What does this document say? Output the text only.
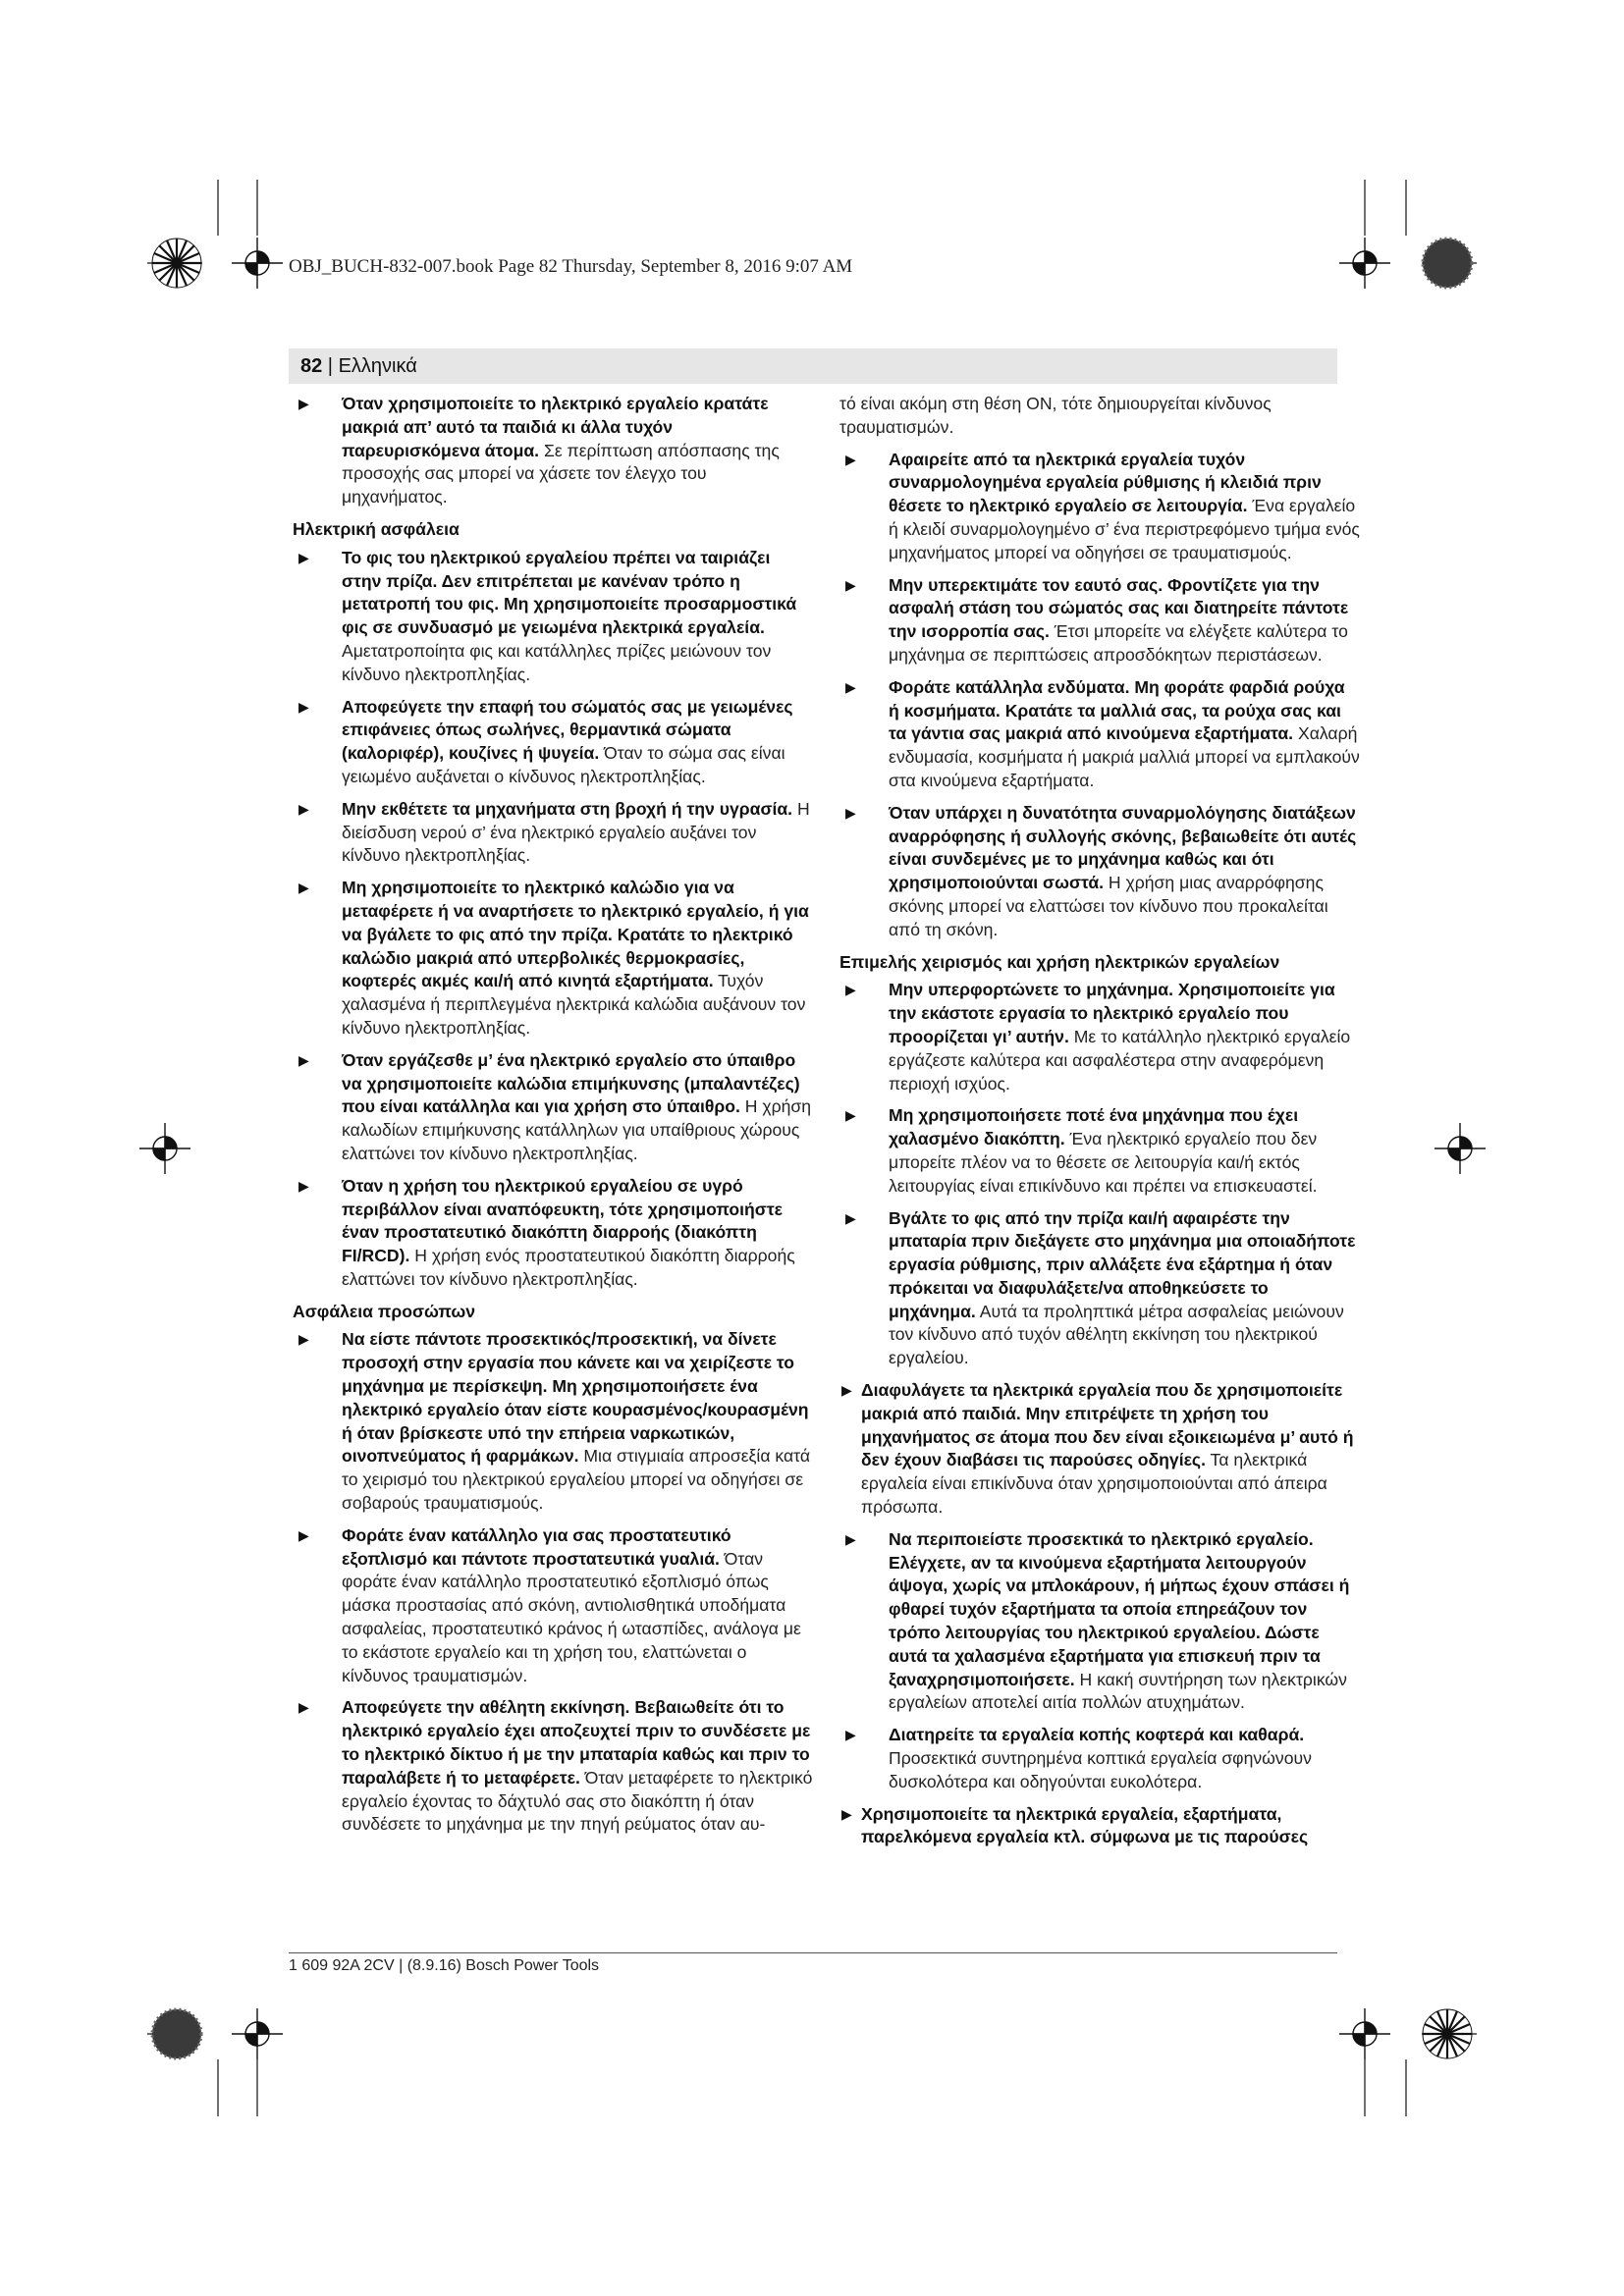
OBJ_BUCH-832-007.book Page 82 Thursday, September 8, 2016 9:07 AM
82 | Ελληνικά
▶ Όταν χρησιμοποιείτε το ηλεκτρικό εργαλείο κρατάτε μακριά απ’ αυτό τα παιδιά κι άλλα τυχόν παρευρισκόμενα άτομα. Σε περίπτωση απόσπασης της προσοχής σας μπορεί να χάσετε τον έλεγχο του μηχανήματος.
Ηλεκτρική ασφάλεια
▶ Το φις του ηλεκτρικού εργαλείου πρέπει να ταιριάζει στην πρίζα. Δεν επιτρέπεται με κανέναν τρόπο η μετατροπή του φις. Μη χρησιμοποιείτε προσαρμοστικά φις σε συνδυασμό με γειωμένα ηλεκτρικά εργαλεία. Αμετατροποίητα φις και κατάλληλες πρίζες μειώνουν τον κίνδυνο ηλεκτροπληξίας.
▶ Αποφεύγετε την επαφή του σώματός σας με γειωμένες επιφάνειες όπως σωλήνες, θερμαντικά σώματα (καλοριφέρ), κουζίνες ή ψυγεία. Όταν το σώμα σας είναι γειωμένο αυξάνεται ο κίνδυνος ηλεκτροπληξίας.
▶ Μην εκθέτετε τα μηχανήματα στη βροχή ή την υγρασία. Η διείσδυση νερού σ’ ένα ηλεκτρικό εργαλείο αυξάνει τον κίνδυνο ηλεκτροπληξίας.
▶ Μη χρησιμοποιείτε το ηλεκτρικό καλώδιο για να μεταφέρετε ή να αναρτήσετε το ηλεκτρικό εργαλείο, ή για να βγάλετε το φις από την πρίζα. Κρατάτε το ηλεκτρικό καλώδιο μακριά από υπερβολικές θερμοκρασίες, κοφτερές ακμές και/ή από κινητά εξαρτήματα. Τυχόν χαλασμένα ή περιπλεγμένα ηλεκτρικά καλώδια αυξάνουν τον κίνδυνο ηλεκτροπληξίας.
▶ Όταν εργάζεσθε μ’ ένα ηλεκτρικό εργαλείο στο ύπαιθρο να χρησιμοποιείτε καλώδια επιμήκυνσης (μπαλαντέζες) που είναι κατάλληλα και για χρήση στο ύπαιθρο. Η χρήση καλωδίων επιμήκυνσης κατάλληλων για υπαίθριους χώρους ελαττώνει τον κίνδυνο ηλεκτροπληξίας.
▶ Όταν η χρήση του ηλεκτρικού εργαλείου σε υγρό περιβάλλον είναι αναπόφευκτη, τότε χρησιμοποιήστε έναν προστατευτικό διακόπτη διαρροής (διακόπτη FI/RCD). Η χρήση ενός προστατευτικού διακόπτη διαρροής ελαττώνει τον κίνδυνο ηλεκτροπληξίας.
Ασφάλεια προσώπων
▶ Να είστε πάντοτε προσεκτικός/προσεκτική, να δίνετε προσοχή στην εργασία που κάνετε και να χειρίζεστε το μηχάνημα με περίσκεψη. Μη χρησιμοποιήσετε ένα ηλεκτρικό εργαλείο όταν είστε κουρασμένος/κουρασμένη ή όταν βρίσκεστε υπό την επήρεια ναρκωτικών, οινοπνεύματος ή φαρμάκων. Μια στιγμιαία απροσεξία κατά το χειρισμό του ηλεκτρικού εργαλείου μπορεί να οδηγήσει σε σοβαρούς τραυματισμούς.
▶ Φοράτε έναν κατάλληλο για σας προστατευτικό εξοπλισμό και πάντοτε προστατευτικά γυαλιά. Όταν φοράτε έναν κατάλληλο προστατευτικό εξοπλισμό όπως μάσκα προστασίας από σκόνη, αντιολισθητικά υποδήματα ασφαλείας, προστατευτικό κράνος ή ωτασπίδες, ανάλογα με το εκάστοτε εργαλείο και τη χρήση του, ελαττώνεται ο κίνδυνος τραυματισμών.
▶ Αποφεύγετε την αθέλητη εκκίνηση. Βεβαιωθείτε ότι το ηλεκτρικό εργαλείο έχει αποζευχτεί πριν το συνδέσετε με το ηλεκτρικό δίκτυο ή με την μπαταρία καθώς και πριν το παραλάβετε ή το μεταφέρετε. Όταν μεταφέρετε το ηλεκτρικό εργαλείο έχοντας το δάχτυλό σας στο διακόπτη ή όταν συνδέσετε το μηχάνημα με την πηγή ρεύματος όταν αυ-
τό είναι ακόμη στη θέση ON, τότε δημιουργείται κίνδυνος τραυματισμών.
▶ Αφαιρείτε από τα ηλεκτρικά εργαλεία τυχόν συναρμολογημένα εργαλεία ρύθμισης ή κλειδιά πριν θέσετε το ηλεκτρικό εργαλείο σε λειτουργία. Ένα εργαλείο ή κλειδί συναρμολογημένο σ’ ένα περιστρεφόμενο τμήμα ενός μηχανήματος μπορεί να οδηγήσει σε τραυματισμούς.
▶ Μην υπερεκτιμάτε τον εαυτό σας. Φροντίζετε για την ασφαλή στάση του σώματός σας και διατηρείτε πάντοτε την ισορροπία σας. Έτσι μπορείτε να ελέγξετε καλύτερα το μηχάνημα σε περιπτώσεις απροσδόκητων περιστάσεων.
▶ Φοράτε κατάλληλα ενδύματα. Μη φοράτε φαρδιά ρούχα ή κοσμήματα. Κρατάτε τα μαλλιά σας, τα ρούχα σας και τα γάντια σας μακριά από κινούμενα εξαρτήματα. Χαλαρή ενδυμασία, κοσμήματα ή μακριά μαλλιά μπορεί να εμπλακούν στα κινούμενα εξαρτήματα.
▶ Όταν υπάρχει η δυνατότητα συναρμολόγησης διατάξεων αναρρόφησης ή συλλογής σκόνης, βεβαιωθείτε ότι αυτές είναι συνδεμένες με το μηχάνημα καθώς και ότι χρησιμοποιούνται σωστά. Η χρήση μιας αναρρόφησης σκόνης μπορεί να ελαττώσει τον κίνδυνο που προκαλείται από τη σκόνη.
Επιμελής χειρισμός και χρήση ηλεκτρικών εργαλείων
▶ Μην υπερφορτώνετε το μηχάνημα. Χρησιμοποιείτε για την εκάστοτε εργασία το ηλεκτρικό εργαλείο που προορίζεται γι’ αυτήν. Με το κατάλληλο ηλεκτρικό εργαλείο εργάζεστε καλύτερα και ασφαλέστερα στην αναφερόμενη περιοχή ισχύος.
▶ Μη χρησιμοποιήσετε ποτέ ένα μηχάνημα που έχει χαλασμένο διακόπτη. Ένα ηλεκτρικό εργαλείο που δεν μπορείτε πλέον να το θέσετε σε λειτουργία και/ή εκτός λειτουργίας είναι επικίνδυνο και πρέπει να επισκευαστεί.
▶ Βγάλτε το φις από την πρίζα και/ή αφαιρέστε την μπαταρία πριν διεξάγετε στο μηχάνημα μια οποιαδήποτε εργασία ρύθμισης, πριν αλλάξετε ένα εξάρτημα ή όταν πρόκειται να διαφυλάξετε/να αποθηκεύσετε το μηχάνημα. Αυτά τα προληπτικά μέτρα ασφαλείας μειώνουν τον κίνδυνο από τυχόν αθέλητη εκκίνηση του ηλεκτρικού εργαλείου.
▶ Διαφυλάγετε τα ηλεκτρικά εργαλεία που δε χρησιμοποιείτε μακριά από παιδιά. Μην επιτρέψετε τη χρήση του μηχανήματος σε άτομα που δεν είναι εξοικειωμένα μ’ αυτό ή δεν έχουν διαβάσει τις παρούσες οδηγίες. Τα ηλεκτρικά εργαλεία είναι επικίνδυνα όταν χρησιμοποιούνται από άπειρα πρόσωπα.
▶ Να περιποιείστε προσεκτικά το ηλεκτρικό εργαλείο. Ελέγχετε, αν τα κινούμενα εξαρτήματα λειτουργούν άψογα, χωρίς να μπλοκάρουν, ή μήπως έχουν σπάσει ή φθαρεί τυχόν εξαρτήματα τα οποία επηρεάζουν τον τρόπο λειτουργίας του ηλεκτρικού εργαλείου. Δώστε αυτά τα χαλασμένα εξαρτήματα για επισκευή πριν τα ξαναχρησιμοποιήσετε. Η κακή συντήρηση των ηλεκτρικών εργαλείων αποτελεί αιτία πολλών ατυχημάτων.
▶ Διατηρείτε τα εργαλεία κοπής κοφτερά και καθαρά. Προσεκτικά συντηρημένα κοπτικά εργαλεία σφηνώνουν δυσκολότερα και οδηγούνται ευκολότερα.
▶ Χρησιμοποιείτε τα ηλεκτρικά εργαλεία, εξαρτήματα, παρελκόμενα εργαλεία κτλ. σύμφωνα με τις παρούσες
1 609 92A 2CV | (8.9.16) Bosch Power Tools
